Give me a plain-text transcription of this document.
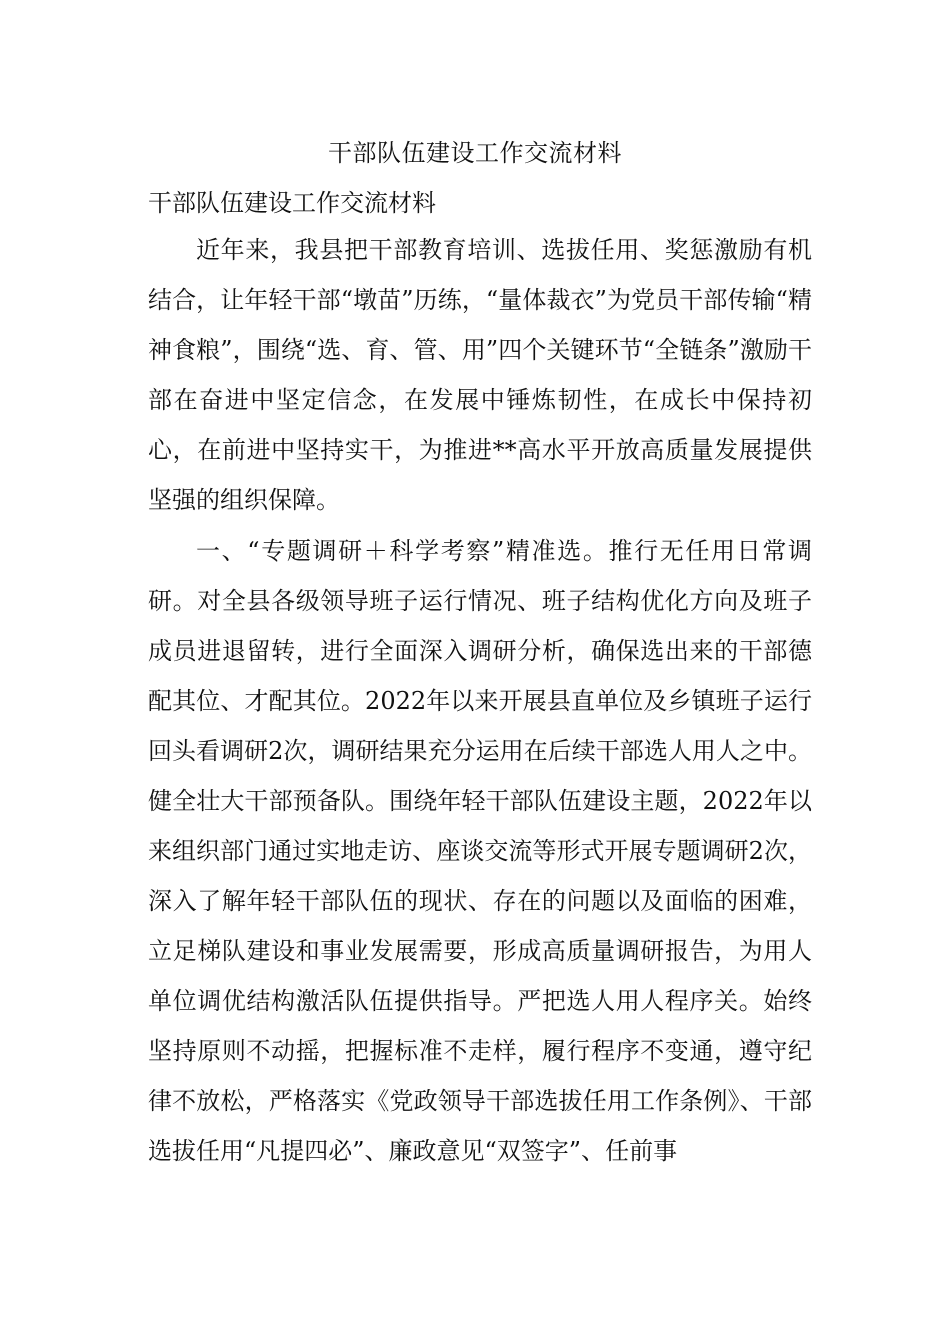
干部队伍建设工作交流材料
干部队伍建设工作交流材料

近年来，我县把干部教育培训、选拔任用、奖惩激励有机结合，让年轻干部“墩苗”历练，“量体裁衣”为党员干部传输“精神食粮”，围绕“选、育、管、用”四个关键环节“全链条”激励干部在奋进中坚定信念，在发展中锤炼韧性，在成长中保持初心，在前进中坚持实干，为推进**高水平开放高质量发展提供坚强的组织保障。

一、“专题调研＋科学考察”精准选。推行无任用日常调研。对全县各级领导班子运行情况、班子结构优化方向及班子成员进退留转，进行全面深入调研分析，确保选出来的干部德配其位、才配其位。2022年以来开展县直单位及乡镇班子运行回头看调研2次，调研结果充分运用在后续干部选人用人之中。健全壮大干部预备队。围绕年轻干部队伍建设主题，2022年以来组织部门通过实地走访、座谈交流等形式开展专题调研2次，深入了解年轻干部队伍的现状、存在的问题以及面临的困难，立足梯队建设和事业发展需要，形成高质量调研报告，为用人单位调优结构激活队伍提供指导。严把选人用人程序关。始终坚持原则不动摇，把握标准不走样，履行程序不变通，遵守纪律不放松，严格落实《党政领导干部选拔任用工作条例》、干部选拔任用“凡提四必”、廉政意见“双签字”、任前事
